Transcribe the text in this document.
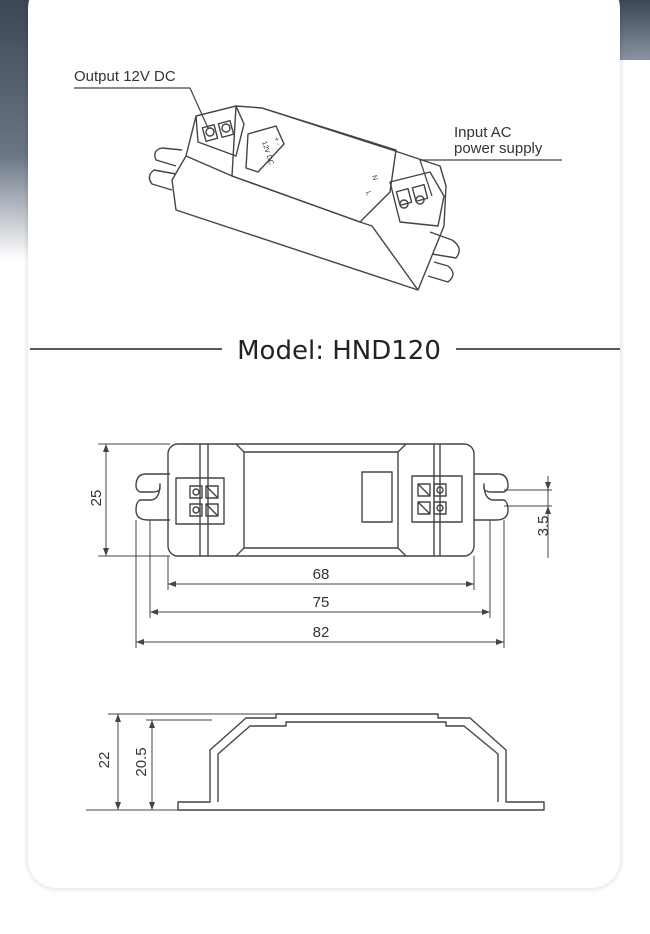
Output 12V DC
Input AC
power supply
12V DC
+ -
L
N
Model: HND120
25
3.5
68
75
82
22 20.5
